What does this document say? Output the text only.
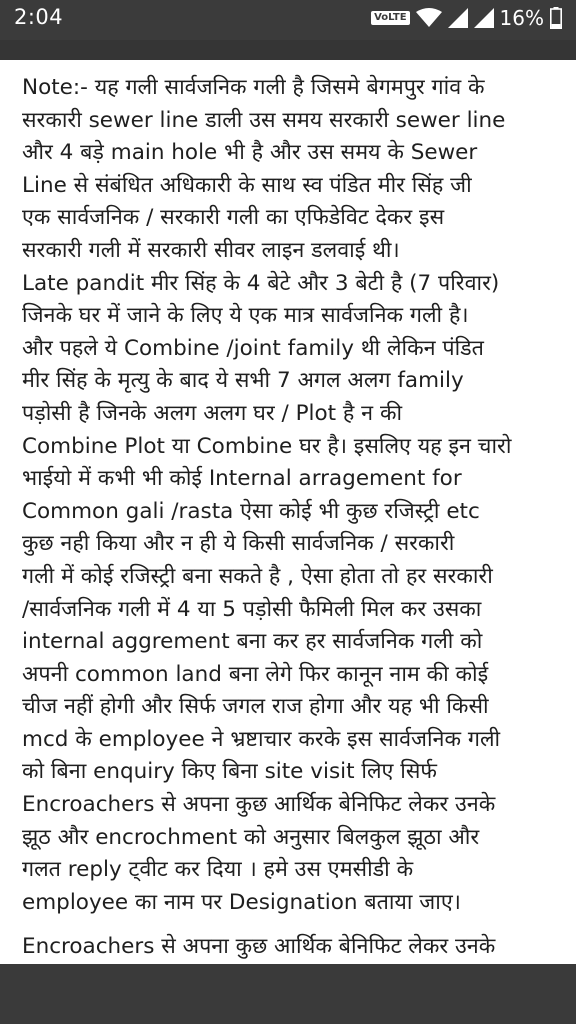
2:04	VoLTE	16%

Note:- यह गली सार्वजनिक गली है जिसमे बेगमपुर गांव के
सरकारी sewer line डाली उस समय सरकारी sewer line
और 4 बड़े main hole भी है और उस समय के Sewer
Line से संबंधित अधिकारी के साथ स्व पंडित मीर सिंह जी
एक सार्वजनिक / सरकारी गली का एफिडेविट देकर इस
सरकारी गली में सरकारी सीवर लाइन डलवाई थी।
Late pandit मीर सिंह के 4 बेटे और 3 बेटी है (7 परिवार)
जिनके घर में जाने के लिए ये एक मात्र सार्वजनिक गली है।
और पहले ये Combine /joint family थी लेकिन पंडित
मीर सिंह के मृत्यु के बाद ये सभी 7 अगल अलग family
पड़ोसी है जिनके अलग अलग घर / Plot है न की
Combine Plot या Combine घर है। इसलिए यह इन चारो
भाईयो में कभी भी कोई Internal arragement for
Common gali /rasta ऐसा कोई भी कुछ रजिस्ट्री etc
कुछ नही किया और न ही ये किसी सार्वजनिक / सरकारी
गली में कोई रजिस्ट्री बना सकते है , ऐसा होता तो हर सरकारी
/सार्वजनिक गली में 4 या 5 पड़ोसी फैमिली मिल कर उसका
internal aggrement बना कर हर सार्वजनिक गली को
अपनी common land बना लेगे फिर कानून नाम की कोई
चीज नहीं होगी और सिर्फ जगल राज होगा और यह भी किसी
mcd के employee ने भ्रष्टाचार करके इस सार्वजनिक गली
को बिना enquiry किए बिना site visit लिए सिर्फ
Encroachers से अपना कुछ आर्थिक बेनिफिट लेकर उनके
झूठ और encrochment को अनुसार बिलकुल झूठा और
गलत reply ट्वीट कर दिया । हमे उस एमसीडी के
employee का नाम पर Designation बताया जाए।

Encroachers से अपना कुछ आर्थिक बेनिफिट लेकर उनके
